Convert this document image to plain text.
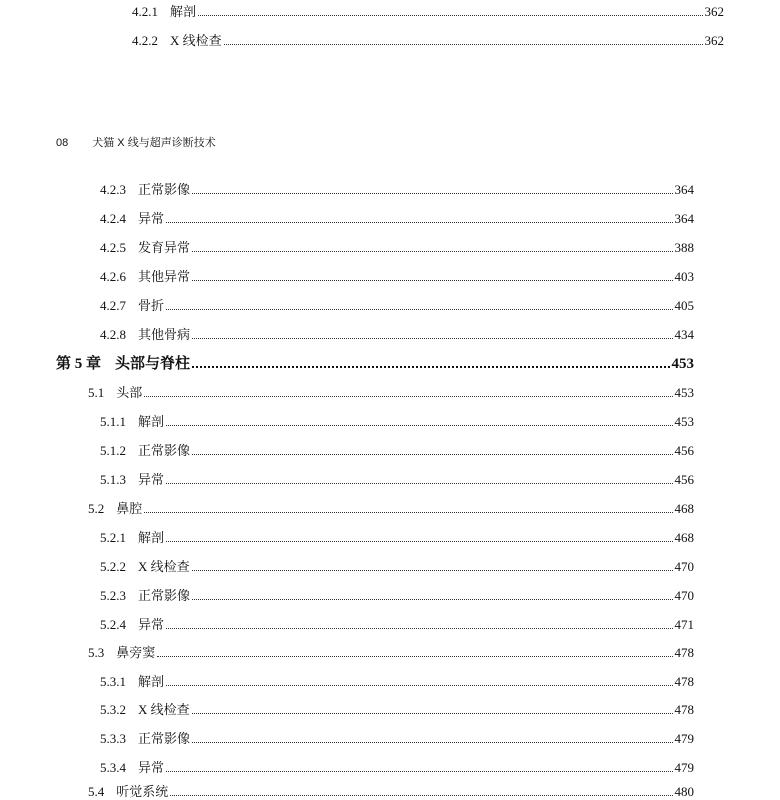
4.2.1 解剖	362
4.2.2 X 线检查	362
08 犬猫 X 线与超声诊断技术
4.2.3 正常影像	364
4.2.4 异常	364
4.2.5 发育异常	388
4.2.6 其他异常	403
4.2.7 骨折	405
4.2.8 其他骨病	434
第 5 章 头部与脊柱	453
5.1 头部	453
5.1.1 解剖	453
5.1.2 正常影像	456
5.1.3 异常	456
5.2 鼻腔	468
5.2.1 解剖	468
5.2.2 X 线检查	470
5.2.3 正常影像	470
5.2.4 异常	471
5.3 鼻旁窦	478
5.3.1 解剖	478
5.3.2 X 线检查	478
5.3.3 正常影像	479
5.3.4 异常	479
5.4 听觉系统	480
